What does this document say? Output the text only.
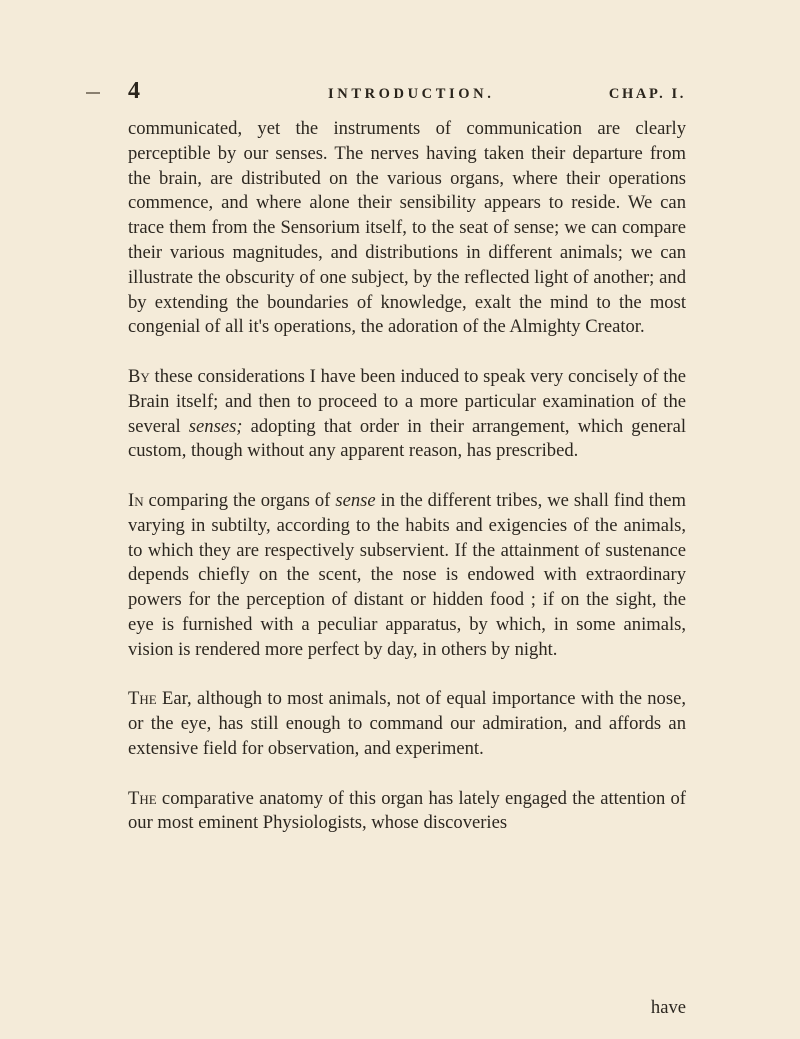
4	INTRODUCTION.	CHAP. I.

communicated, yet the instruments of communication are clearly perceptible by our senses. The nerves having taken their departure from the brain, are distributed on the various organs, where their operations commence, and where alone their sensibility appears to reside. We can trace them from the Sensorium itself, to the seat of sense; we can compare their various magnitudes, and distributions in different animals; we can illustrate the obscurity of one subject, by the reflected light of another; and by extending the boundaries of knowledge, exalt the mind to the most congenial of all it's operations, the adoration of the Almighty Creator.

By these considerations I have been induced to speak very concisely of the Brain itself; and then to proceed to a more particular examination of the several senses; adopting that order in their arrangement, which general custom, though without any apparent reason, has prescribed.

In comparing the organs of sense in the different tribes, we shall find them varying in subtilty, according to the habits and exigencies of the animals, to which they are respectively subservient. If the attainment of sustenance depends chiefly on the scent, the nose is endowed with extraordinary powers for the perception of distant or hidden food ; if on the sight, the eye is furnished with a peculiar apparatus, by which, in some animals, vision is rendered more perfect by day, in others by night.

The Ear, although to most animals, not of equal importance with the nose, or the eye, has still enough to command our admiration, and affords an extensive field for observation, and experiment.

The comparative anatomy of this organ has lately engaged the attention of our most eminent Physiologists, whose discoveries

have
